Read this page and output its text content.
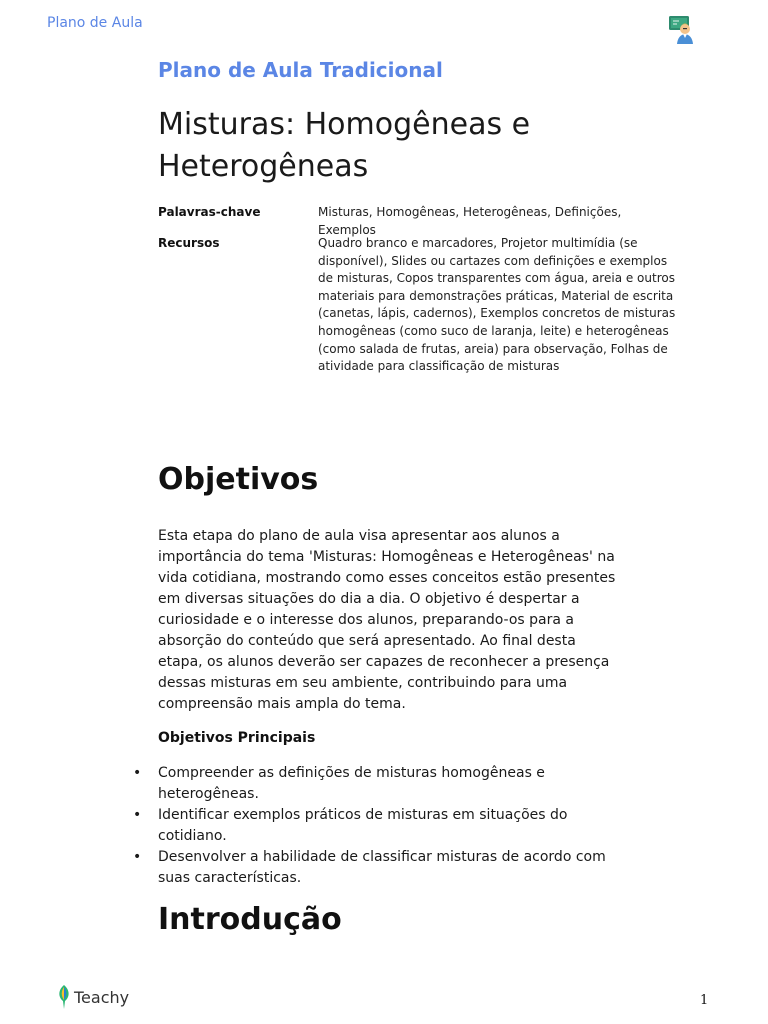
Plano de Aula
Plano de Aula Tradicional
Misturas: Homogêneas e Heterogêneas
Palavras-chave	Misturas, Homogêneas, Heterogêneas, Definições, Exemplos
Recursos	Quadro branco e marcadores, Projetor multimídia (se disponível), Slides ou cartazes com definições e exemplos de misturas, Copos transparentes com água, areia e outros materiais para demonstrações práticas, Material de escrita (canetas, lápis, cadernos), Exemplos concretos de misturas homogêneas (como suco de laranja, leite) e heterogêneas (como salada de frutas, areia) para observação, Folhas de atividade para classificação de misturas
Objetivos

Esta etapa do plano de aula visa apresentar aos alunos a importância do tema 'Misturas: Homogêneas e Heterogêneas' na vida cotidiana, mostrando como esses conceitos estão presentes em diversas situações do dia a dia. O objetivo é despertar a curiosidade e o interesse dos alunos, preparando-os para a absorção do conteúdo que será apresentado. Ao final desta etapa, os alunos deverão ser capazes de reconhecer a presença dessas misturas em seu ambiente, contribuindo para uma compreensão mais ampla do tema.

Objetivos Principais
• Compreender as definições de misturas homogêneas e heterogêneas.
• Identificar exemplos práticos de misturas em situações do cotidiano.
• Desenvolver a habilidade de classificar misturas de acordo com suas características.
Introdução
Teachy	1
